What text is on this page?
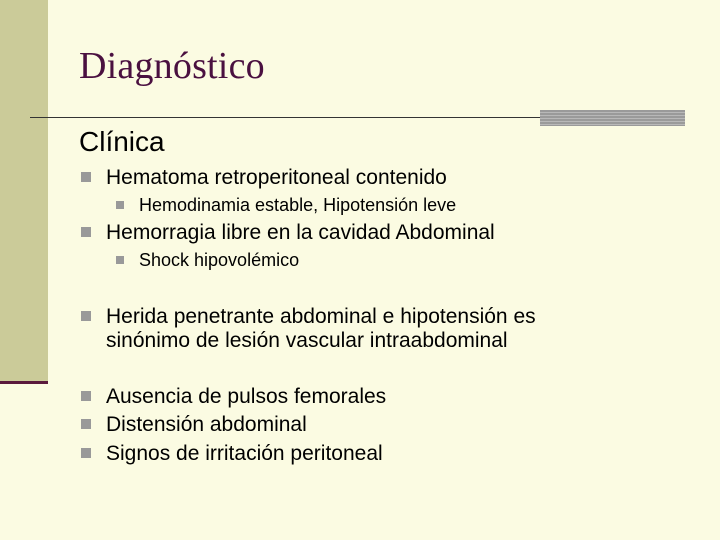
Diagnóstico
Clínica
Hematoma retroperitoneal contenido
Hemodinamia estable, Hipotensión leve
Hemorragia libre en la cavidad Abdominal
Shock hipovolémico
Herida penetrante abdominal e hipotensión es
sinónimo de lesión vascular intraabdominal
Ausencia de pulsos femorales
Distensión abdominal
Signos de irritación peritoneal
